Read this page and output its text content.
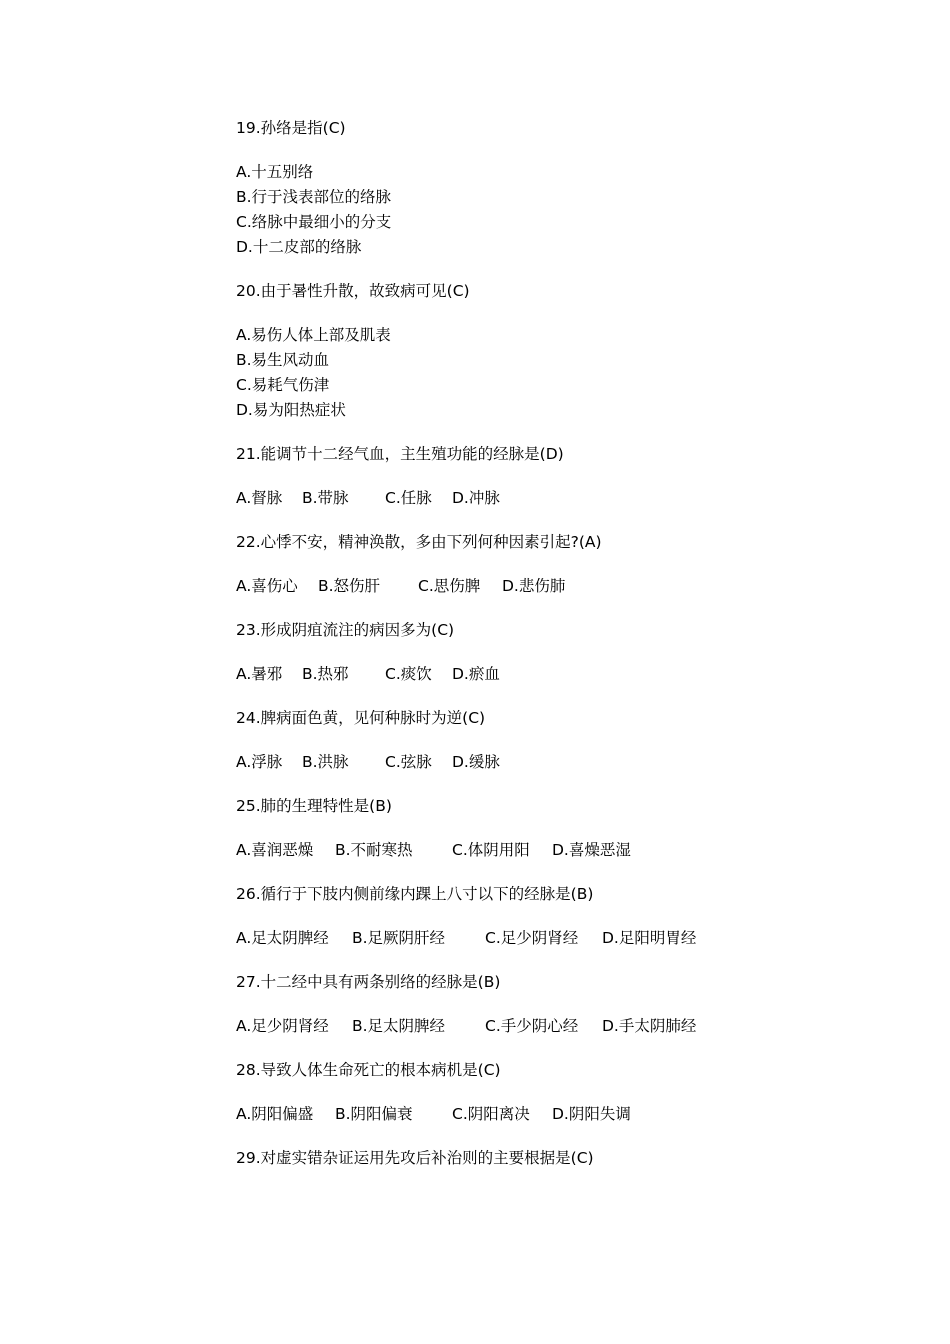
19.孙络是指(C)
A.十五别络
B.行于浅表部位的络脉
C.络脉中最细小的分支
D.十二皮部的络脉
20.由于暑性升散，故致病可见(C)
A.易伤人体上部及肌表
B.易生风动血
C.易耗气伤津
D.易为阳热症状
21.能调节十二经气血，主生殖功能的经脉是(D)
A.督脉 B.带脉 C.任脉 D.冲脉
22.心悸不安，精神涣散，多由下列何种因素引起?(A)
A.喜伤心 B.怒伤肝 C.思伤脾 D.悲伤肺
23.形成阴疽流注的病因多为(C)
A.暑邪 B.热邪 C.痰饮 D.瘀血
24.脾病面色黄，见何种脉时为逆(C)
A.浮脉 B.洪脉 C.弦脉 D.缓脉
25.肺的生理特性是(B)
A.喜润恶燥 B.不耐寒热	C.体阴用阳 D.喜燥恶湿
26.循行于下肢内侧前缘内踝上八寸以下的经脉是(B)
A.足太阴脾经 B.足厥阴肝经	C.足少阴肾经 D.足阳明胃经
27.十二经中具有两条别络的经脉是(B)
A.足少阴肾经 B.足太阴脾经	C.手少阴心经 D.手太阴肺经
28.导致人体生命死亡的根本病机是(C)
A.阴阳偏盛 B.阴阳偏衰	C.阴阳离决 D.阴阳失调
29.对虚实错杂证运用先攻后补治则的主要根据是(C)
